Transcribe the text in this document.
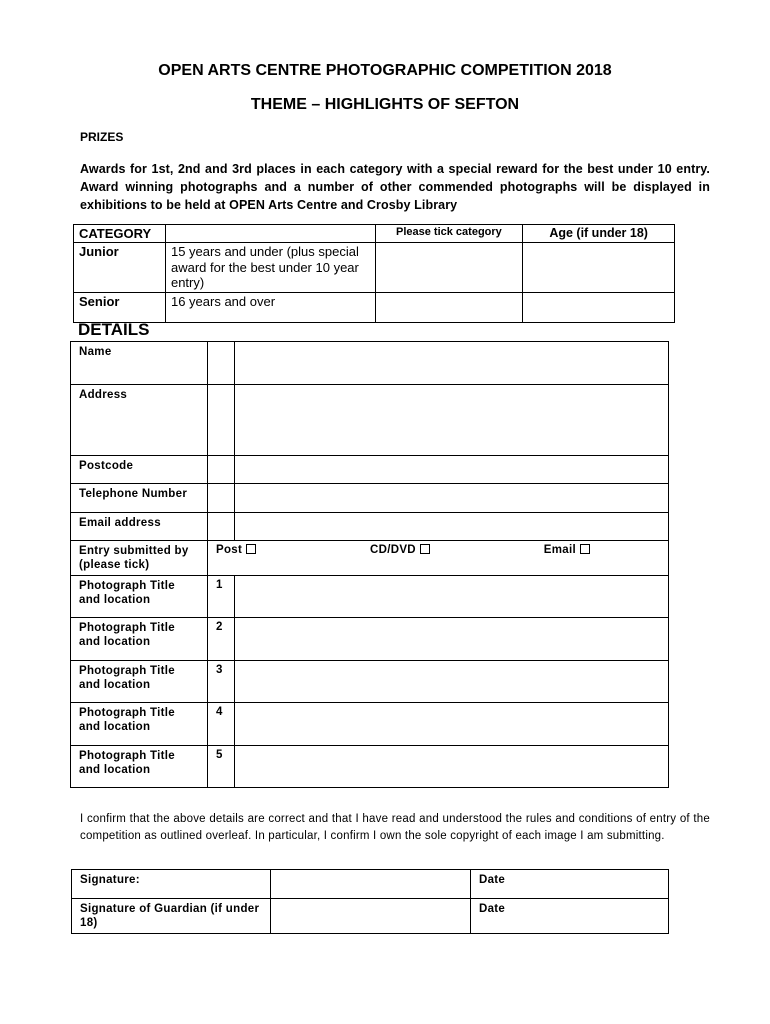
OPEN ARTS CENTRE PHOTOGRAPHIC COMPETITION 2018
THEME – HIGHLIGHTS OF SEFTON
PRIZES
Awards for 1st, 2nd and 3rd places in each category with a special reward for the best under 10 entry. Award winning photographs and a number of other commended photographs will be displayed in exhibitions to be held at OPEN Arts Centre and Crosby Library
CATEGORY		Please tick category	Age (if under 18)
Junior	15 years and under (plus special award for the best under 10 year entry)		
Senior	16 years and over		
DETAILS
Name		
Address		
Postcode		
Telephone Number		
Email address		
Entry submitted by (please tick)	Post CD/DVD Email	

Photograph Title and location	1	
Photograph Title and location	2	
Photograph Title and location	3	
Photograph Title and location	4	
Photograph Title and location	5	
I confirm that the above details are correct and that I have read and understood the rules and conditions of entry of the competition as outlined overleaf. In particular, I confirm I own the sole copyright of each image I am submitting.
Signature:		Date
Signature of Guardian (if under 18)		Date
